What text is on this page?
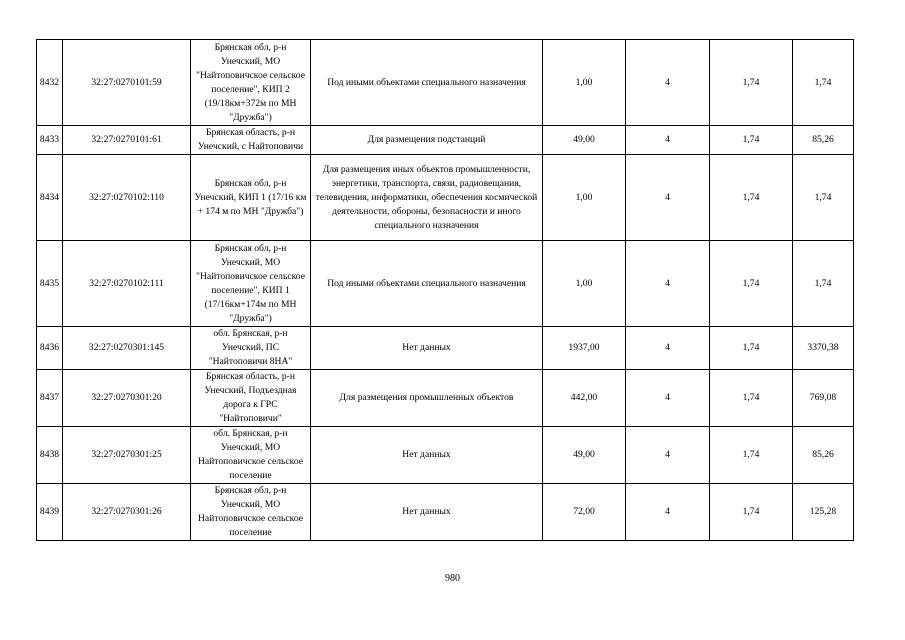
8432	32:27:0270101:59	Брянская обл, р-н Унечский, МО "Найтоповичское сельское поселение", КИП 2 (19/18км+372м по МН "Дружба")	Под иными объектами специального назначения	1,00	4	1,74	1,74
8433	32:27:0270101:61	Брянская область, р-н Унечский, с Найтоповичи	Для размещения подстанций	49,00	4	1,74	85,26
8434	32:27:0270102:110	Брянская обл, р-н Унечский, КИП 1 (17/16 км + 174 м по МН "Дружба")	Для размещения иных объектов промышленности, энергетики, транспорта, связи, радиовещания, телевидения, информатики, обеспечения космической деятельности, обороны, безопасности и иного специального назначения	1,00	4	1,74	1,74
8435	32:27:0270102:111	Брянская обл, р-н Унечский, МО "Найтоповичское сельское поселение", КИП 1 (17/16км+174м по МН "Дружба")	Под иными объектами специального назначения	1,00	4	1,74	1,74
8436	32:27:0270301:145	обл. Брянская, р-н Унечский, ПС "Найтоповичи 8НА"	Нет данных	1937,00	4	1,74	3370,38
8437	32:27:0270301:20	Брянская область, р-н Унечский, Подъездная дорога к ГРС "Найтоповичи"	Для размещения промышленных объектов	442,00	4	1,74	769,08
8438	32:27:0270301:25	обл. Брянская, р-н Унечский, МО Найтоповичское сельское поселение	Нет данных	49,00	4	1,74	85,26
8439	32:27:0270301:26	Брянская обл, р-н Унечский, МО Найтоповичское сельское поселение	Нет данных	72,00	4	1,74	125,28
980
